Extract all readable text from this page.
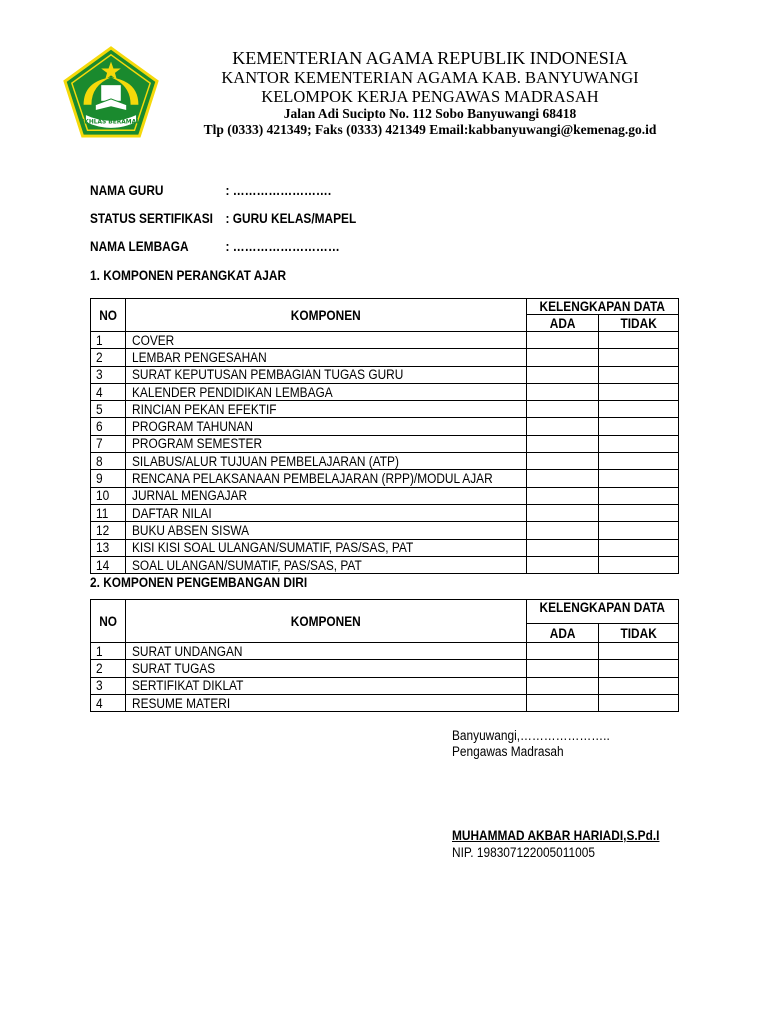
IKHLAS BERAMAL
KEMENTERIAN AGAMA REPUBLIK INDONESIA
KANTOR KEMENTERIAN AGAMA KAB. BANYUWANGI
KELOMPOK KERJA PENGAWAS MADRASAH
Jalan Adi Sucipto No. 112 Sobo Banyuwangi 68418
Tlp (0333) 421349; Faks (0333) 421349 Email:kabbanyuwangi@kemenag.go.id
NAMA GURU	: …………………….
STATUS SERTIFIKASI : GURU KELAS/MAPEL
NAMA LEMBAGA	: ………………………
1. KOMPONEN PERANGKAT AJAR
NO	KOMPONEN	KELENGKAPAN DATA	
		ADA	TIDAK
1	COVER		
2	LEMBAR PENGESAHAN		
3	SURAT KEPUTUSAN PEMBAGIAN TUGAS GURU		
4	KALENDER PENDIDIKAN LEMBAGA		
5	RINCIAN PEKAN EFEKTIF		
6	PROGRAM TAHUNAN		
7	PROGRAM SEMESTER		
8	SILABUS/ALUR TUJUAN PEMBELAJARAN (ATP)		
9	RENCANA PELAKSANAAN PEMBELAJARAN (RPP)/MODUL AJAR		
10	JURNAL MENGAJAR		
11	DAFTAR NILAI		
12	BUKU ABSEN SISWA		
13	KISI KISI SOAL ULANGAN/SUMATIF, PAS/SAS, PAT		
14	SOAL ULANGAN/SUMATIF, PAS/SAS, PAT		
2. KOMPONEN PENGEMBANGAN DIRI
NO	KOMPONEN	KELENGKAPAN DATA	
		ADA	TIDAK
1	SURAT UNDANGAN		
2	SURAT TUGAS		
3	SERTIFIKAT DIKLAT		
4	RESUME MATERI		
Banyuwangi,…………………..
Pengawas Madrasah
MUHAMMAD AKBAR HARIADI,S.Pd.I
NIP. 198307122005011005
